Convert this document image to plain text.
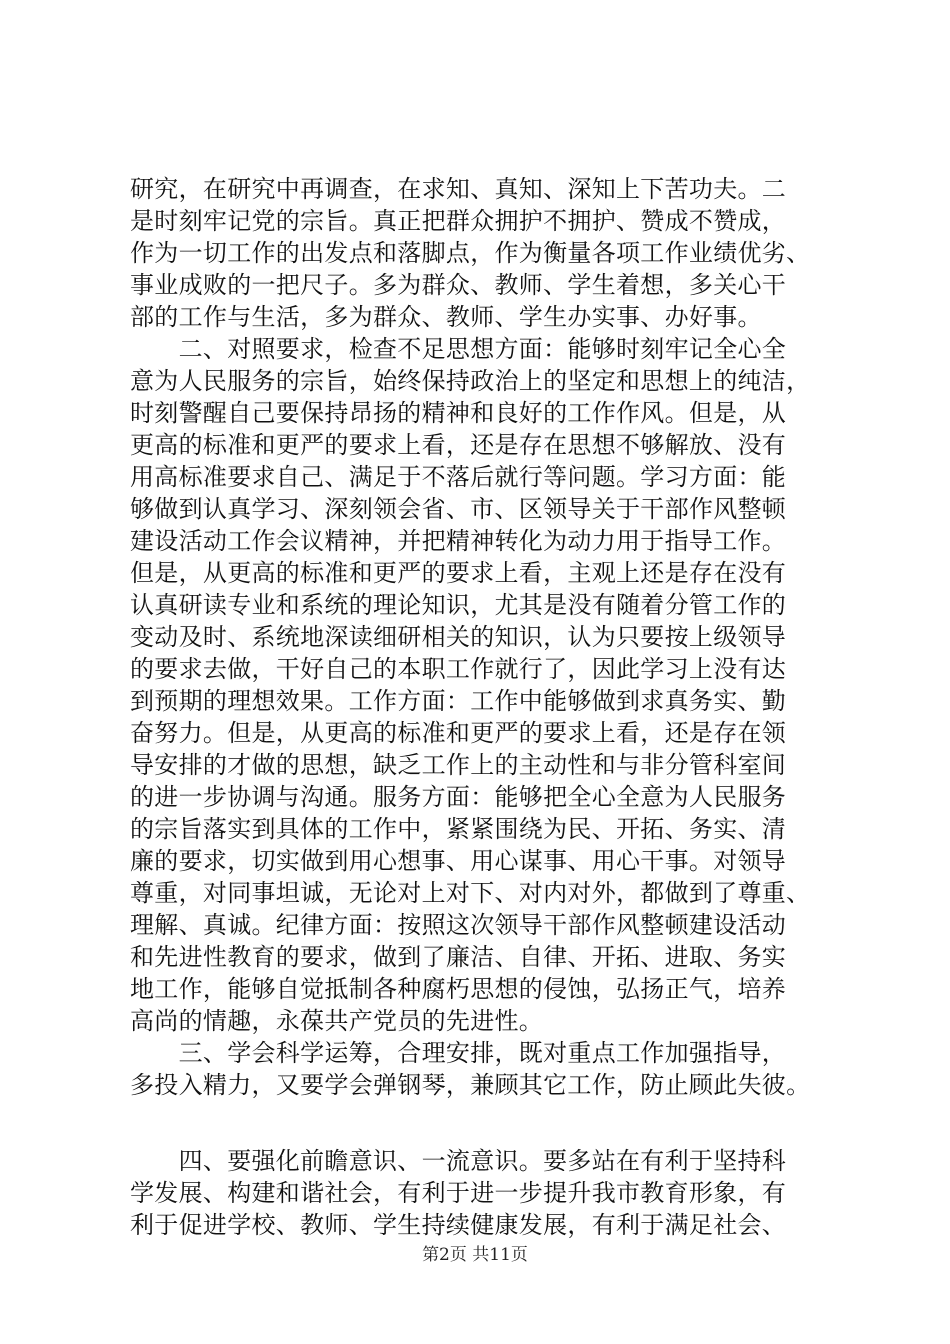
研究，在研究中再调查，在求知、真知、深知上下苦功夫。二
是时刻牢记党的宗旨。真正把群众拥护不拥护、赞成不赞成，
作为一切工作的出发点和落脚点，作为衡量各项工作业绩优劣、
事业成败的一把尺子。多为群众、教师、学生着想，多关心干
部的工作与生活，多为群众、教师、学生办实事、办好事。
　　二、对照要求，检查不足思想方面：能够时刻牢记全心全
意为人民服务的宗旨，始终保持政治上的坚定和思想上的纯洁，
时刻警醒自己要保持昂扬的精神和良好的工作作风。但是，从
更高的标准和更严的要求上看，还是存在思想不够解放、没有
用高标准要求自己、满足于不落后就行等问题。学习方面：能
够做到认真学习、深刻领会省、市、区领导关于干部作风整顿
建设活动工作会议精神，并把精神转化为动力用于指导工作。
但是，从更高的标准和更严的要求上看，主观上还是存在没有
认真研读专业和系统的理论知识，尤其是没有随着分管工作的
变动及时、系统地深读细研相关的知识，认为只要按上级领导
的要求去做，干好自己的本职工作就行了，因此学习上没有达
到预期的理想效果。工作方面：工作中能够做到求真务实、勤
奋努力。但是，从更高的标准和更严的要求上看，还是存在领
导安排的才做的思想，缺乏工作上的主动性和与非分管科室间
的进一步协调与沟通。服务方面：能够把全心全意为人民服务
的宗旨落实到具体的工作中，紧紧围绕为民、开拓、务实、清
廉的要求，切实做到用心想事、用心谋事、用心干事。对领导
尊重，对同事坦诚，无论对上对下、对内对外，都做到了尊重、
理解、真诚。纪律方面：按照这次领导干部作风整顿建设活动
和先进性教育的要求，做到了廉洁、自律、开拓、进取、务实
地工作，能够自觉抵制各种腐朽思想的侵蚀，弘扬正气，培养
高尚的情趣，永葆共产党员的先进性。
　　三、学会科学运筹，合理安排，既对重点工作加强指导，
多投入精力，又要学会弹钢琴，兼顾其它工作，防止顾此失彼。
　　四、要强化前瞻意识、一流意识。要多站在有利于坚持科
学发展、构建和谐社会，有利于进一步提升我市教育形象，有
利于促进学校、教师、学生持续健康发展，有利于满足社会、
第2页 共11页
